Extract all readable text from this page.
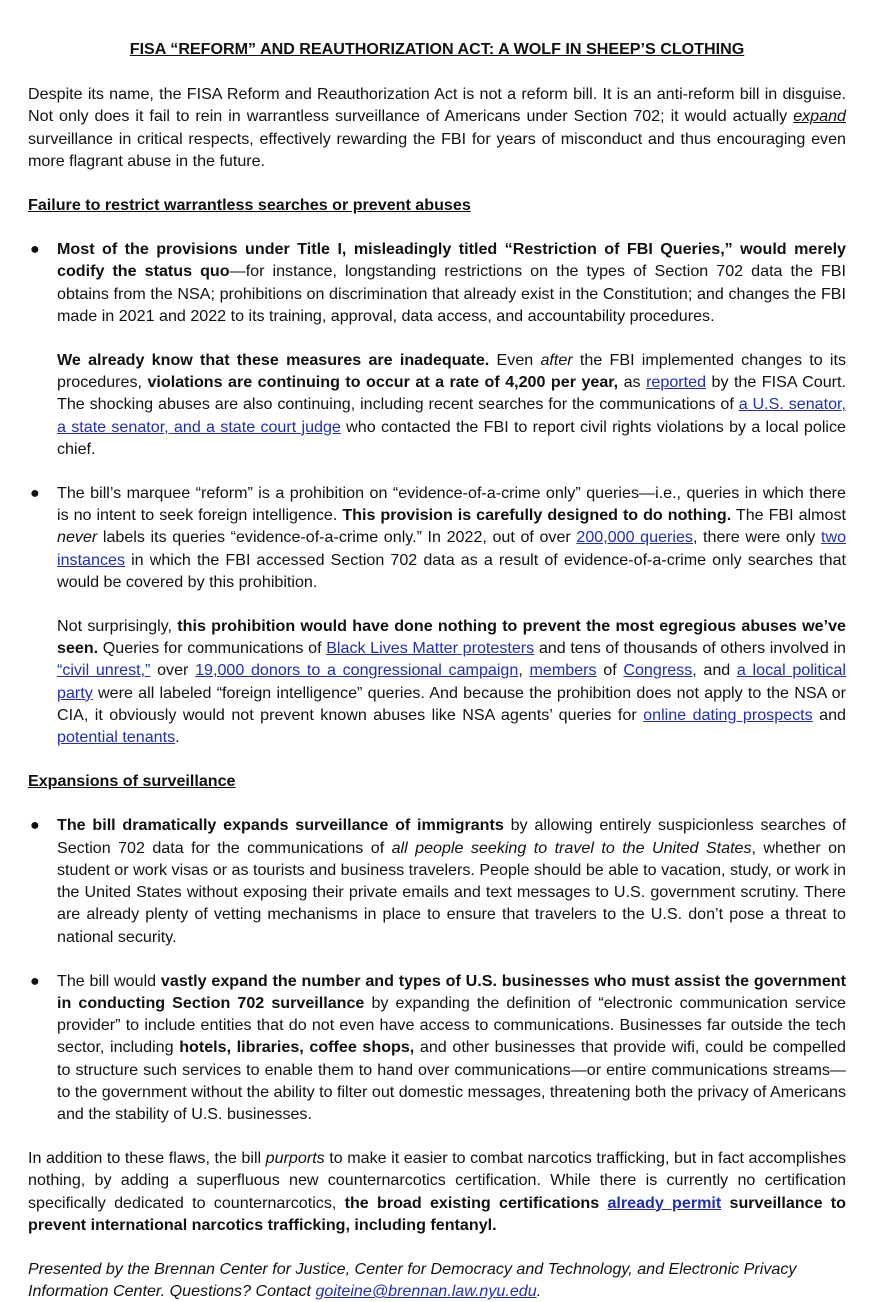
FISA “REFORM” AND REAUTHORIZATION ACT: A WOLF IN SHEEP’S CLOTHING

Despite its name, the FISA Reform and Reauthorization Act is not a reform bill. It is an anti-reform bill in disguise. Not only does it fail to rein in warrantless surveillance of Americans under Section 702; it would actually expand surveillance in critical respects, effectively rewarding the FBI for years of misconduct and thus encouraging even more flagrant abuse in the future.

Failure to restrict warrantless searches or prevent abuses
● Most of the provisions under Title I, misleadingly titled “Restriction of FBI Queries,” would merely codify the status quo—for instance, longstanding restrictions on the types of Section 702 data the FBI obtains from the NSA; prohibitions on discrimination that already exist in the Constitution; and changes the FBI made in 2021 and 2022 to its training, approval, data access, and accountability procedures.

We already know that these measures are inadequate. Even after the FBI implemented changes to its procedures, violations are continuing to occur at a rate of 4,200 per year, as reported by the FISA Court. The shocking abuses are also continuing, including recent searches for the communications of a U.S. senator, a state senator, and a state court judge who contacted the FBI to report civil rights violations by a local police chief.

● The bill’s marquee “reform” is a prohibition on “evidence-of-a-crime only” queries—i.e., queries in which there is no intent to seek foreign intelligence. This provision is carefully designed to do nothing. The FBI almost never labels its queries “evidence-of-a-crime only.” In 2022, out of over 200,000 queries, there were only two instances in which the FBI accessed Section 702 data as a result of evidence-of-a-crime only searches that would be covered by this prohibition.

Not surprisingly, this prohibition would have done nothing to prevent the most egregious abuses we’ve seen. Queries for communications of Black Lives Matter protesters and tens of thousands of others involved in “civil unrest,” over 19,000 donors to a congressional campaign, members of Congress, and a local political party were all labeled “foreign intelligence” queries. And because the prohibition does not apply to the NSA or CIA, it obviously would not prevent known abuses like NSA agents’ queries for online dating prospects and potential tenants.

Expansions of surveillance
● The bill dramatically expands surveillance of immigrants by allowing entirely suspicionless searches of Section 702 data for the communications of all people seeking to travel to the United States, whether on student or work visas or as tourists and business travelers. People should be able to vacation, study, or work in the United States without exposing their private emails and text messages to U.S. government scrutiny. There are already plenty of vetting mechanisms in place to ensure that travelers to the U.S. don’t pose a threat to national security.

● The bill would vastly expand the number and types of U.S. businesses who must assist the government in conducting Section 702 surveillance by expanding the definition of “electronic communication service provider” to include entities that do not even have access to communications. Businesses far outside the tech sector, including hotels, libraries, coffee shops, and other businesses that provide wifi, could be compelled to structure such services to enable them to hand over communications—or entire communications streams—to the government without the ability to filter out domestic messages, threatening both the privacy of Americans and the stability of U.S. businesses.

In addition to these flaws, the bill purports to make it easier to combat narcotics trafficking, but in fact accomplishes nothing, by adding a superfluous new counternarcotics certification. While there is currently no certification specifically dedicated to counternarcotics, the broad existing certifications already permit surveillance to prevent international narcotics trafficking, including fentanyl.

Presented by the Brennan Center for Justice, Center for Democracy and Technology, and Electronic Privacy Information Center. Questions? Contact goiteine@brennan.law.nyu.edu.
